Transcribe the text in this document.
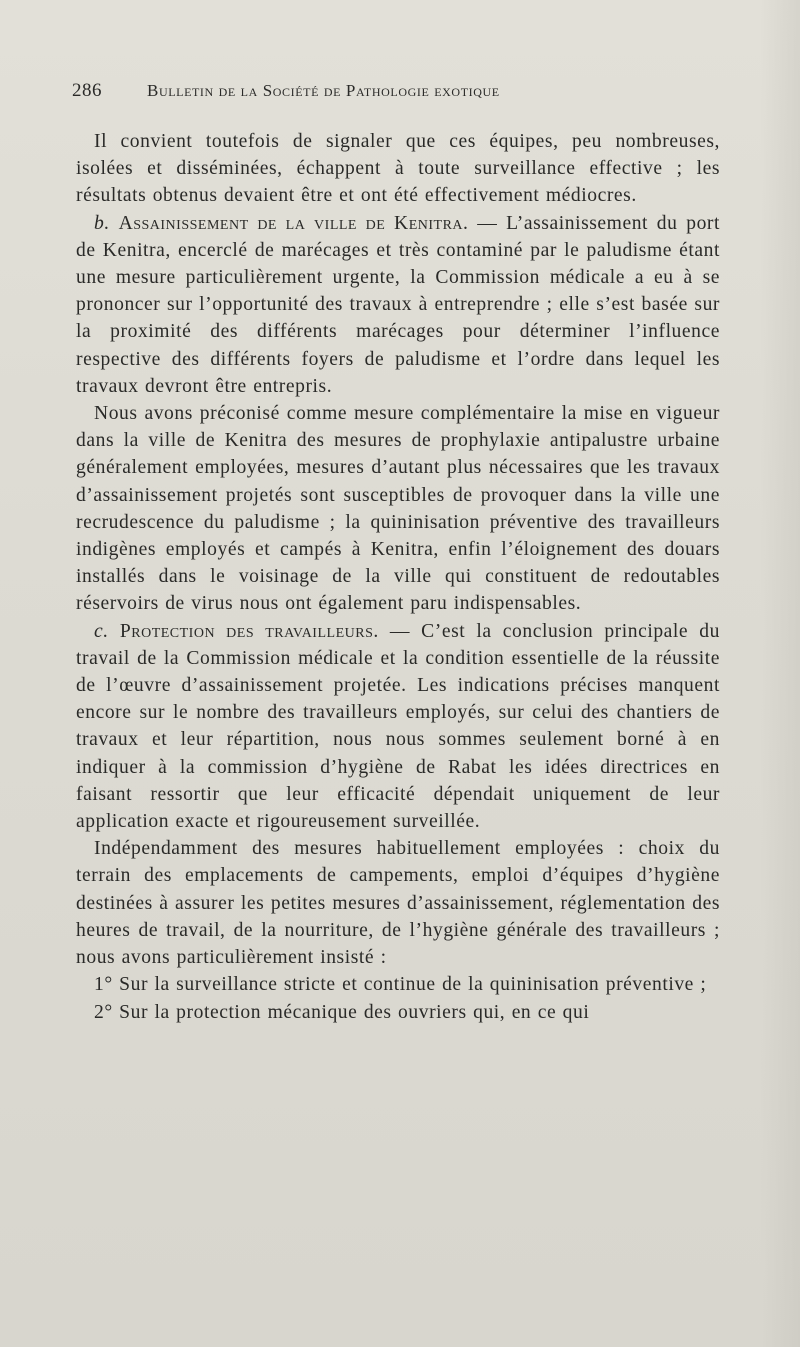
286	Bulletin de la Société de Pathologie exotique

Il convient toutefois de signaler que ces équipes, peu nombreuses, isolées et disséminées, échappent à toute surveillance effective ; les résultats obtenus devaient être et ont été effectivement médiocres.

b. Assainissement de la ville de Kenitra. — L’assainissement du port de Kenitra, encerclé de marécages et très contaminé par le paludisme étant une mesure particulièrement urgente, la Commission médicale a eu à se prononcer sur l’opportunité des travaux à entreprendre ; elle s’est basée sur la proximité des différents marécages pour déterminer l’influence respective des différents foyers de paludisme et l’ordre dans lequel les travaux devront être entrepris.

Nous avons préconisé comme mesure complémentaire la mise en vigueur dans la ville de Kenitra des mesures de prophylaxie antipalustre urbaine généralement employées, mesures d’autant plus nécessaires que les travaux d’assainissement projetés sont susceptibles de provoquer dans la ville une recrudescence du paludisme ; la quininisation préventive des travailleurs indigènes employés et campés à Kenitra, enfin l’éloignement des douars installés dans le voisinage de la ville qui constituent de redoutables réservoirs de virus nous ont également paru indispensables.

c. Protection des travailleurs. — C’est la conclusion principale du travail de la Commission médicale et la condition essentielle de la réussite de l’œuvre d’assainissement projetée. Les indications précises manquent encore sur le nombre des travailleurs employés, sur celui des chantiers de travaux et leur répartition, nous nous sommes seulement borné à en indiquer à la commission d’hygiène de Rabat les idées directrices en faisant ressortir que leur efficacité dépendait uniquement de leur application exacte et rigoureusement surveillée.

Indépendamment des mesures habituellement employées : choix du terrain des emplacements de campements, emploi d’équipes d’hygiène destinées à assurer les petites mesures d’assainissement, réglementation des heures de travail, de la nourriture, de l’hygiène générale des travailleurs ; nous avons particulièrement insisté :

1° Sur la surveillance stricte et continue de la quininisation préventive ;

2° Sur la protection mécanique des ouvriers qui, en ce qui
